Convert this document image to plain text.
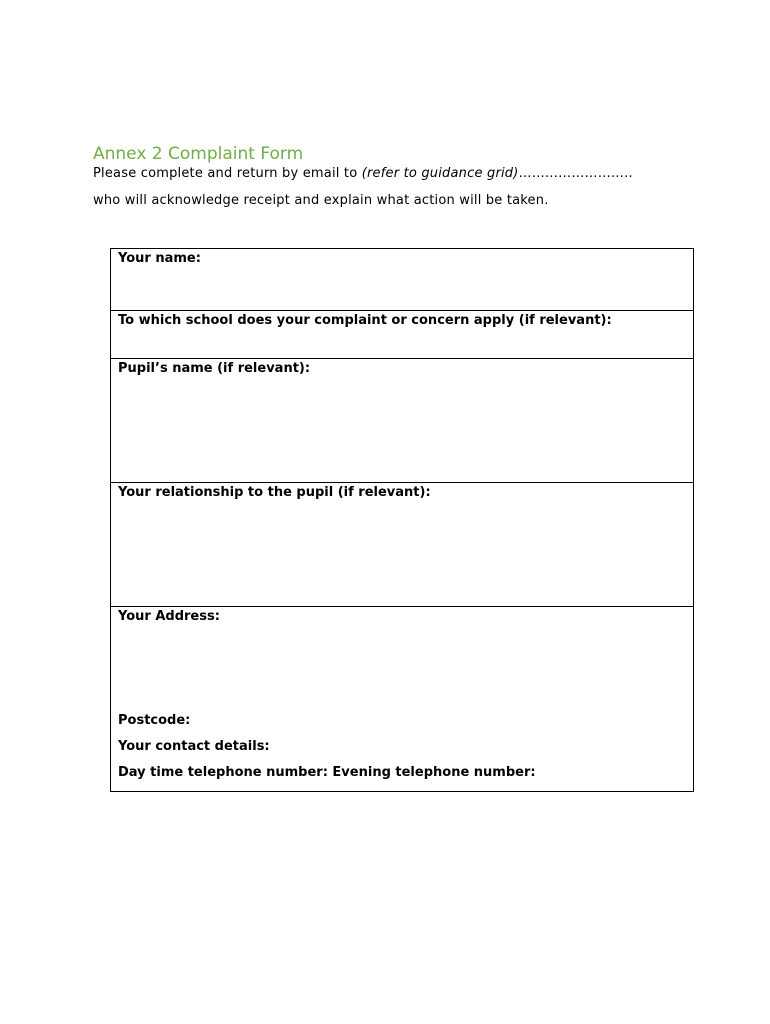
Annex 2 Complaint Form
Please complete and return by email to (refer to guidance grid)……………………..
who will acknowledge receipt and explain what action will be taken.
Your name:
To which school does your complaint or concern apply (if relevant):
Pupil’s name (if relevant):
Your relationship to the pupil (if relevant):
Your Address:
Postcode:
Your contact details:
Day time telephone number: Evening telephone number:
